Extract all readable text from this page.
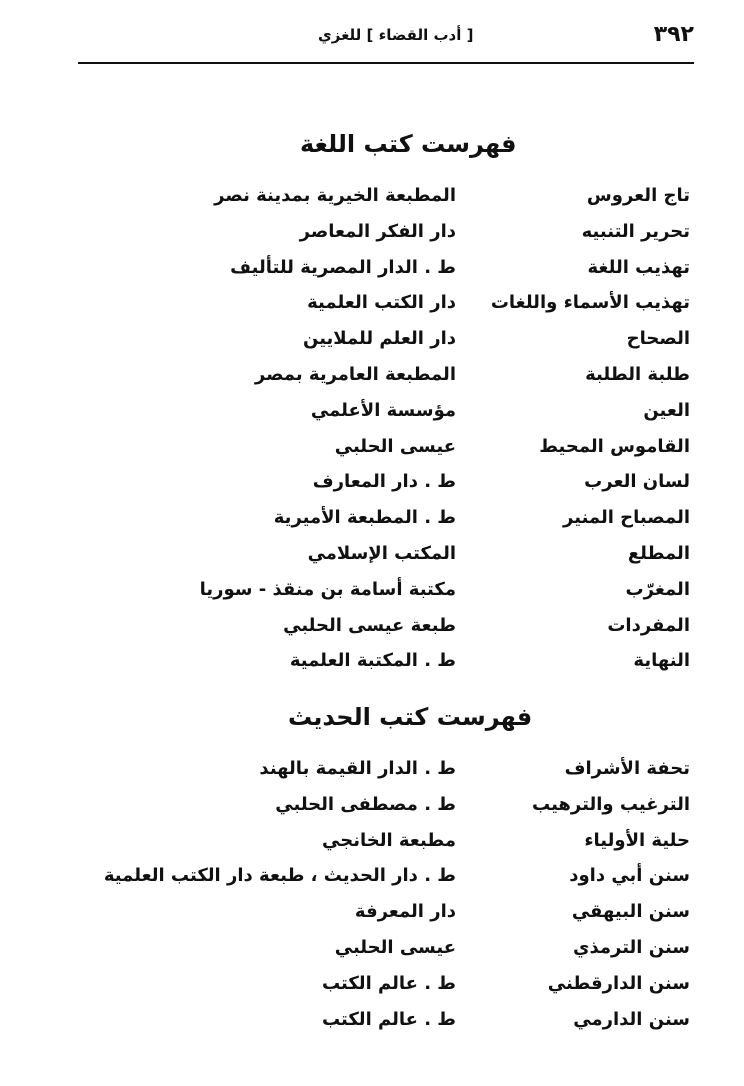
٣٩٢
[ أدب القضاء ] للغزي
فهرست كتب اللغة
تاج العروس
المطبعة الخيرية بمدينة نصر
تحرير التنبيه
دار الفكر المعاصر
تهذيب اللغة
ط . الدار المصرية للتأليف
تهذيب الأسماء واللغات
دار الكتب العلمية
الصحاح
دار العلم للملايين
طلبة الطلبة
المطبعة العامرية بمصر
العين
مؤسسة الأعلمي
القاموس المحيط
عيسى الحلبي
لسان العرب
ط . دار المعارف
المصباح المنير
ط . المطبعة الأميرية
المطلع
المكتب الإسلامي
المغرّب
مكتبة أسامة بن منقذ - سوريا
المفردات
طبعة عيسى الحلبي
النهاية
ط . المكتبة العلمية
فهرست كتب الحديث
تحفة الأشراف
ط . الدار القيمة بالهند
الترغيب والترهيب
ط . مصطفى الحلبي
حلية الأولياء
مطبعة الخانجي
سنن أبي داود
ط . دار الحديث ، طبعة دار الكتب العلمية
سنن البيهقي
دار المعرفة
سنن الترمذي
عيسى الحلبي
سنن الدارقطني
ط . عالم الكتب
سنن الدارمي
ط . عالم الكتب
